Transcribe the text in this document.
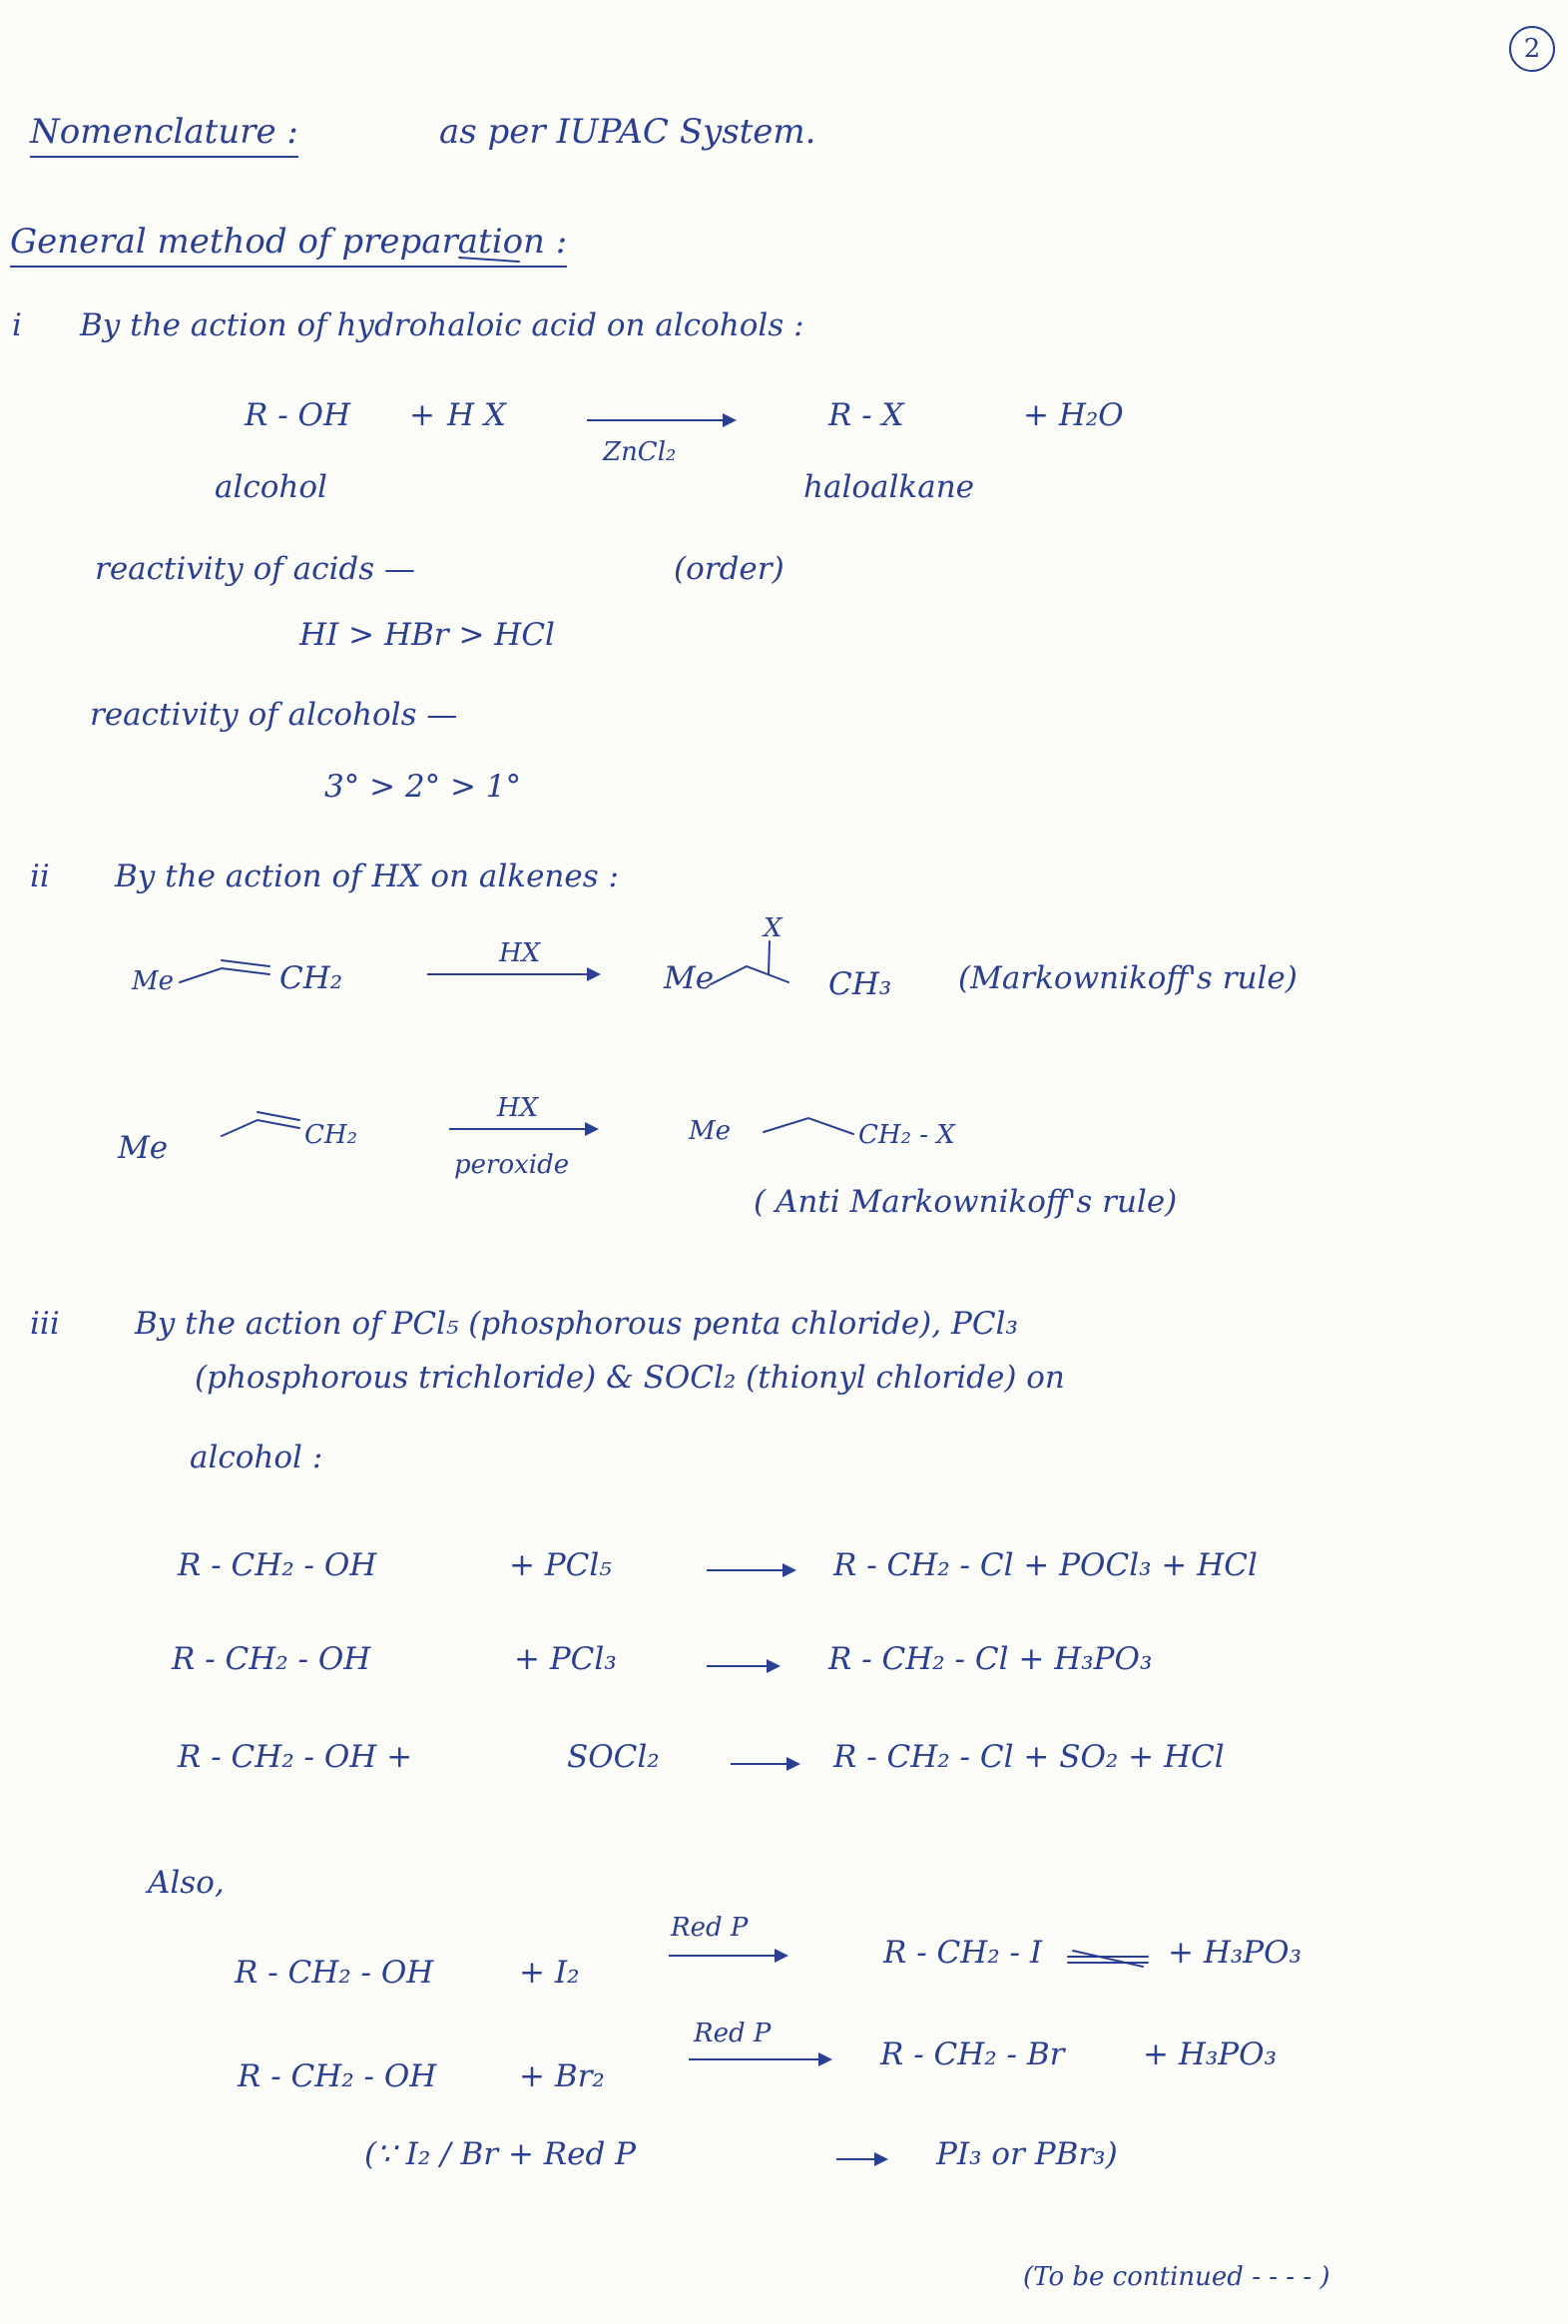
2
Nomenclature :	as per IUPAC System.
General method of preparation :
i By the action of hydrohaloic acid on alcohols :
R - OH + H X
ZnCl₂
R - X	+ H₂O
alcohol	haloalkane
reactivity of acids —	(order)
HI > HBr > HCl
reactivity of alcohols —
3° > 2° > 1°
ii By the action of HX on alkenes :
Me	CH₂
HX
X
Me	CH₃ (Markownikoff's rule)
Me	CH₂
HX
peroxide
Me	CH₂ - X
( Anti Markownikoff's rule)
iii By the action of PCl₅ (phosphorous penta chloride), PCl₃
(phosphorous trichloride) & SOCl₂ (thionyl chloride) on
alcohol :
R - CH₂ - OH	+ PCl₅	R - CH₂ - Cl + POCl₃ + HCl
R - CH₂ - OH	+ PCl₃	R - CH₂ - Cl + H₃PO₃
R - CH₂ - OH +	SOCl₂	R - CH₂ - Cl + SO₂ + HCl
Also,
R - CH₂ - OH	+ I₂
Red P
R - CH₂ - I	+ H₃PO₃
R - CH₂ - OH	+ Br₂
Red P
R - CH₂ - Br	+ H₃PO₃
(∵ I₂ / Br + Red P	PI₃ or PBr₃)
(To be continued - - - - )
